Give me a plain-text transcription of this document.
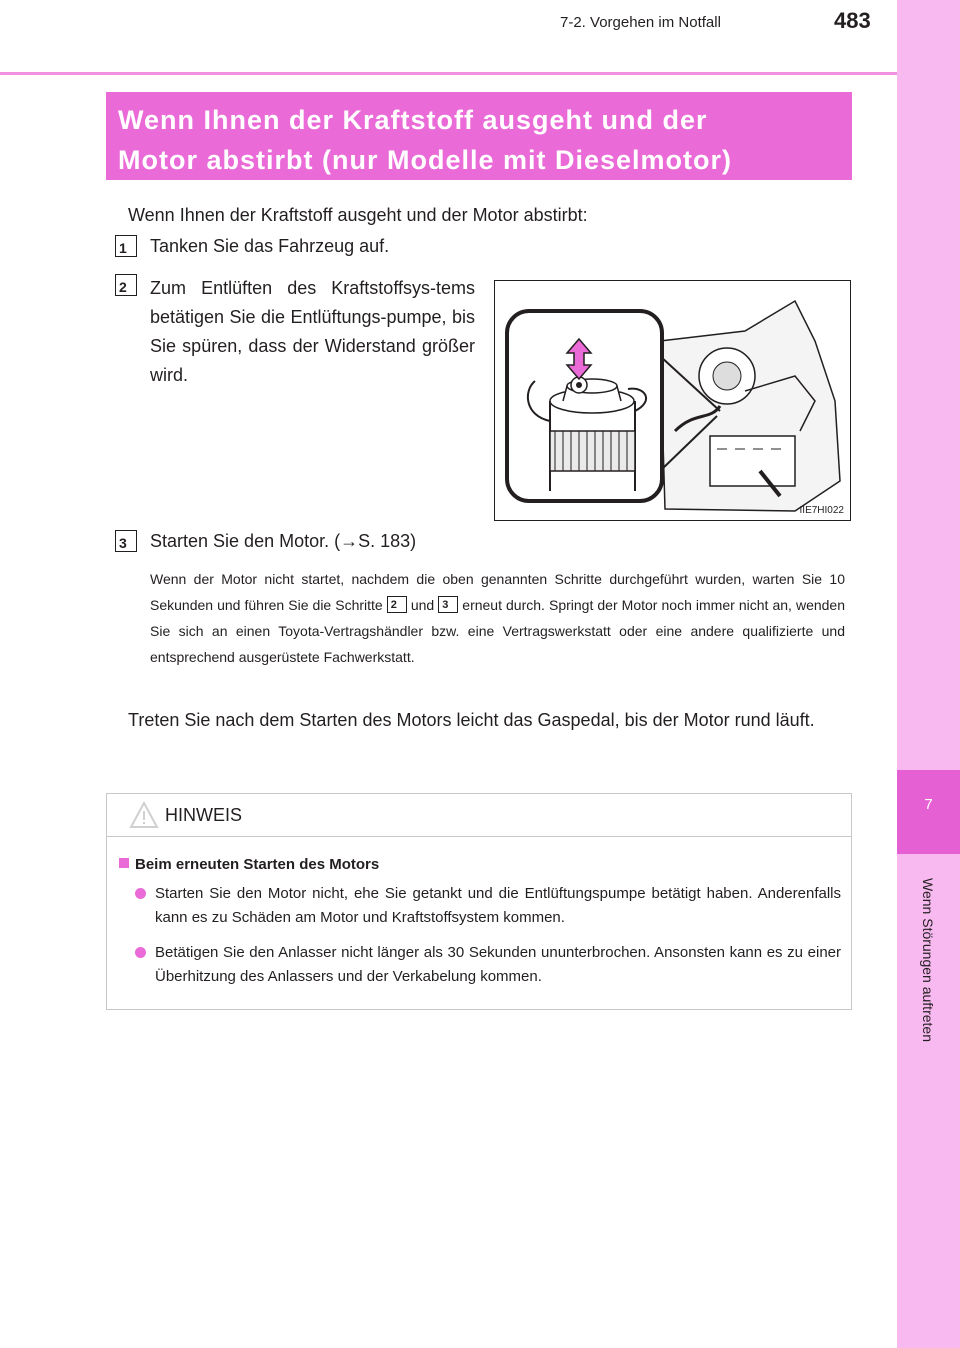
7
Wenn Störungen auftreten
7-2. Vorgehen im Notfall	483
Wenn Ihnen der Kraftstoff ausgeht und der
Motor abstirbt (nur Modelle mit Dieselmotor)
Wenn Ihnen der Kraftstoff ausgeht und der Motor abstirbt:
1	Tanken Sie das Fahrzeug auf.
2	Zum Entlüften des Kraftstoffsys-tems betätigen Sie die Entlüftungs-pumpe, bis Sie spüren, dass der Widerstand größer wird.
IIE7HI022
3	Starten Sie den Motor. (→S. 183)
Wenn der Motor nicht startet, nachdem die oben genannten Schritte durchgeführt wurden, warten Sie 10 Sekunden und führen Sie die Schritte 2 und 3 erneut durch. Springt der Motor noch immer nicht an, wenden Sie sich an einen Toyota-Vertragshändler bzw. eine Vertragswerkstatt oder eine andere qualifizierte und entsprechend ausgerüstete Fachwerkstatt.
Treten Sie nach dem Starten des Motors leicht das Gaspedal, bis der Motor rund läuft.
HINWEIS
Beim erneuten Starten des Motors
Starten Sie den Motor nicht, ehe Sie getankt und die Entlüftungspumpe betätigt haben. Anderenfalls kann es zu Schäden am Motor und Kraftstoffsystem kommen.
Betätigen Sie den Anlasser nicht länger als 30 Sekunden ununterbrochen. Ansonsten kann es zu einer Überhitzung des Anlassers und der Verkabelung kommen.
